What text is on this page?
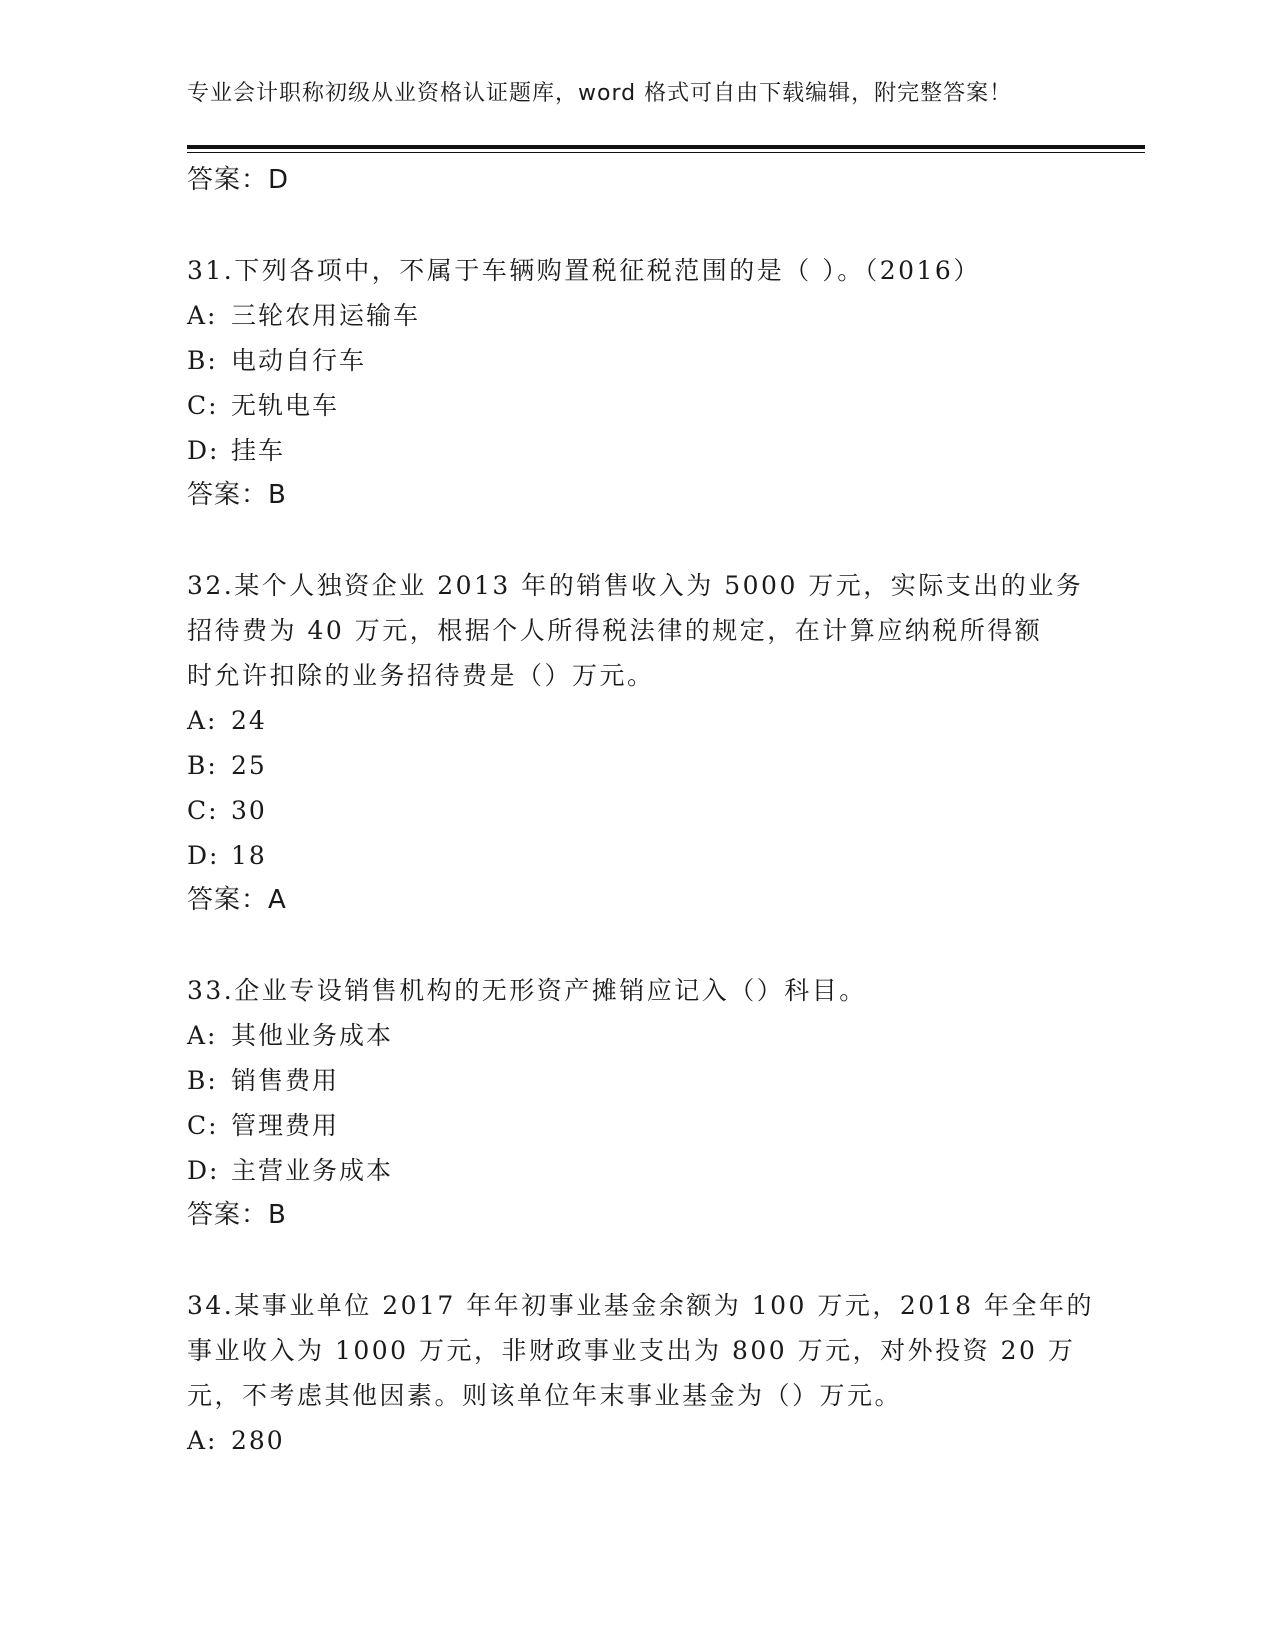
专业会计职称初级从业资格认证题库，word 格式可自由下载编辑，附完整答案！
答案：D
31.下列各项中，不属于车辆购置税征税范围的是（ ）。（2016）
A: 三轮农用运输车
B: 电动自行车
C: 无轨电车
D: 挂车
答案：B
32.某个人独资企业 2013 年的销售收入为 5000 万元，实际支出的业务
招待费为 40 万元，根据个人所得税法律的规定，在计算应纳税所得额
时允许扣除的业务招待费是（）万元。
A: 24
B: 25
C: 30
D: 18
答案：A
33.企业专设销售机构的无形资产摊销应记入（）科目。
A: 其他业务成本
B: 销售费用
C: 管理费用
D: 主营业务成本
答案：B
34.某事业单位 2017 年年初事业基金余额为 100 万元，2018 年全年的
事业收入为 1000 万元，非财政事业支出为 800 万元，对外投资 20 万
元，不考虑其他因素。则该单位年末事业基金为（）万元。
A: 280
